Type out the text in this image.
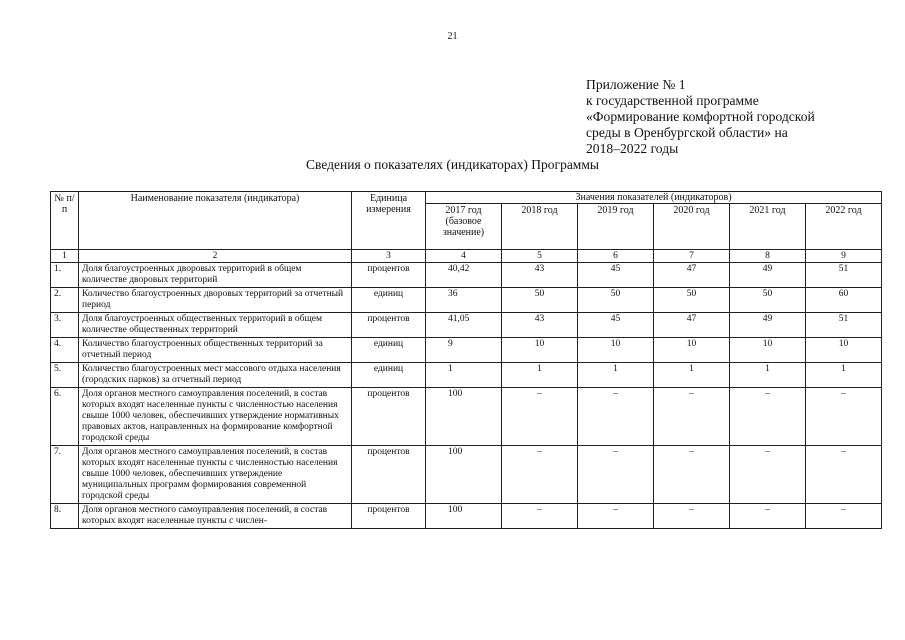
21
Приложение № 1
к государственной программе
«Формирование комфортной городской
среды в Оренбургской области» на
2018–2022 годы
Сведения о показателях (индикаторах) Программы
№ п/п	Наименование показателя (индикатора)	Единица измерения	Значения показателей (индикаторов)					
			2017 год (базовое значение)	2018 год	2019 год	2020 год	2021 год	2022 год
1	2	3	4	5	6	7	8	9
1.	Доля благоустроенных дворовых территорий в общем количестве дворовых территорий	процентов	40,42	43	45	47	49	51
2.	Количество благоустроенных дворовых территорий за отчетный период	единиц	36	50	50	50	50	60
3.	Доля благоустроенных общественных территорий в общем количестве общественных территорий	процентов	41,05	43	45	47	49	51
4.	Количество благоустроенных общественных территорий за отчетный период	единиц	9	10	10	10	10	10
5.	Количество благоустроенных мест массового отдыха населения (городских парков) за отчетный период	единиц	1	1	1	1	1	1
6.	Доля органов местного самоуправления поселений, в состав которых входят населенные пункты с численностью населения свыше 1000 человек, обеспечивших утверждение нормативных правовых актов, направленных на формирование комфортной городской среды	процентов	100	–	–	–	–	–
7.	Доля органов местного самоуправления поселений, в состав которых входят населенные пункты с численностью населения свыше 1000 человек, обеспечивших утверждение муниципальных программ формирования современной городской среды	процентов	100	–	–	–	–	–
8.	Доля органов местного самоуправления поселений, в состав которых входят населенные пункты с числен-	процентов	100	–	–	–	–	–
